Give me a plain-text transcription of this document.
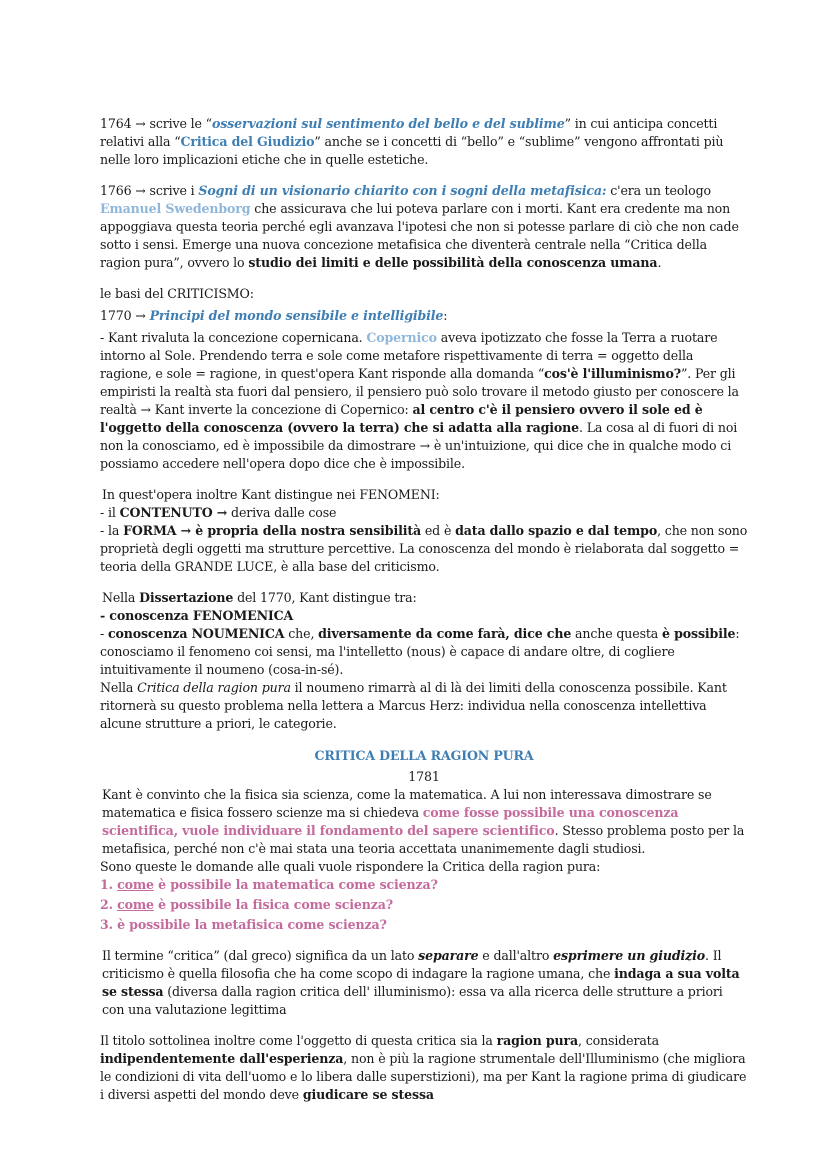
1764 → scrive le “osservazioni sul sentimento del bello e del sublime” in cui anticipa concetti relativi alla “Critica del Giudizio” anche se i concetti di “bello” e “sublime” vengono affrontati più nelle loro implicazioni etiche che in quelle estetiche.

1766 → scrive i Sogni di un visionario chiarito con i sogni della metafisica: c'era un teologo Emanuel Swedenborg che assicurava che lui poteva parlare con i morti. Kant era credente ma non appoggiava questa teoria perché egli avanzava l'ipotesi che non si potesse parlare di ciò che non cade sotto i sensi. Emerge una nuova concezione metafisica che diventerà centrale nella “Critica della ragion pura”, ovvero lo studio dei limiti e delle possibilità della conoscenza umana.

le basi del CRITICISMO:

1770 → Principi del mondo sensibile e intelligibile:

- Kant rivaluta la concezione copernicana. Copernico aveva ipotizzato che fosse la Terra a ruotare intorno al Sole. Prendendo terra e sole come metafore rispettivamente di terra = oggetto della ragione, e sole = ragione, in quest'opera Kant risponde alla domanda “cos'è l'illuminismo?”. Per gli empiristi la realtà sta fuori dal pensiero, il pensiero può solo trovare il metodo giusto per conoscere la realtà → Kant inverte la concezione di Copernico: al centro c'è il pensiero ovvero il sole ed è l'oggetto della conoscenza (ovvero la terra) che si adatta alla ragione. La cosa al di fuori di noi non la conosciamo, ed è impossibile da dimostrare → è un'intuizione, qui dice che in qualche modo ci possiamo accedere nell'opera dopo dice che è impossibile.

In quest'opera inoltre Kant distingue nei FENOMENI:

- il CONTENUTO → deriva dalle cose

- la FORMA → è propria della nostra sensibilità ed è data dallo spazio e dal tempo, che non sono proprietà degli oggetti ma strutture percettive. La conoscenza del mondo è rielaborata dal soggetto = teoria della GRANDE LUCE, è alla base del criticismo.

Nella Dissertazione del 1770, Kant distingue tra:

- conoscenza FENOMENICA

- conoscenza NOUMENICA che, diversamente da come farà, dice che anche questa è possibile: conosciamo il fenomeno coi sensi, ma l'intelletto (nous) è capace di andare oltre, di cogliere intuitivamente il noumeno (cosa-in-sé).

Nella Critica della ragion pura il noumeno rimarrà al di là dei limiti della conoscenza possibile. Kant ritornerà su questo problema nella lettera a Marcus Herz: individua nella conoscenza intellettiva alcune strutture a priori, le categorie.

CRITICA DELLA RAGION PURA

1781

Kant è convinto che la fisica sia scienza, come la matematica. A lui non interessava dimostrare se matematica e fisica fossero scienze ma si chiedeva come fosse possibile una conoscenza scientifica, vuole individuare il fondamento del sapere scientifico. Stesso problema posto per la metafisica, perché non c'è mai stata una teoria accettata unanimemente dagli studiosi.

Sono queste le domande alle quali vuole rispondere la Critica della ragion pura:

1. come è possibile la matematica come scienza?

2. come è possibile la fisica come scienza?

3. è possibile la metafisica come scienza?

Il termine “critica” (dal greco) significa da un lato separare e dall'altro esprimere un giudizio. Il criticismo è quella filosofia che ha come scopo di indagare la ragione umana, che indaga a sua volta se stessa (diversa dalla ragion critica dell' illuminismo): essa va alla ricerca delle strutture a priori con una valutazione legittima

Il titolo sottolinea inoltre come l'oggetto di questa critica sia la ragion pura, considerata indipendentemente dall'esperienza, non è più la ragione strumentale dell'Illuminismo (che migliora le condizioni di vita dell'uomo e lo libera dalle superstizioni), ma per Kant la ragione prima di giudicare i diversi aspetti del mondo deve giudicare se stessa
